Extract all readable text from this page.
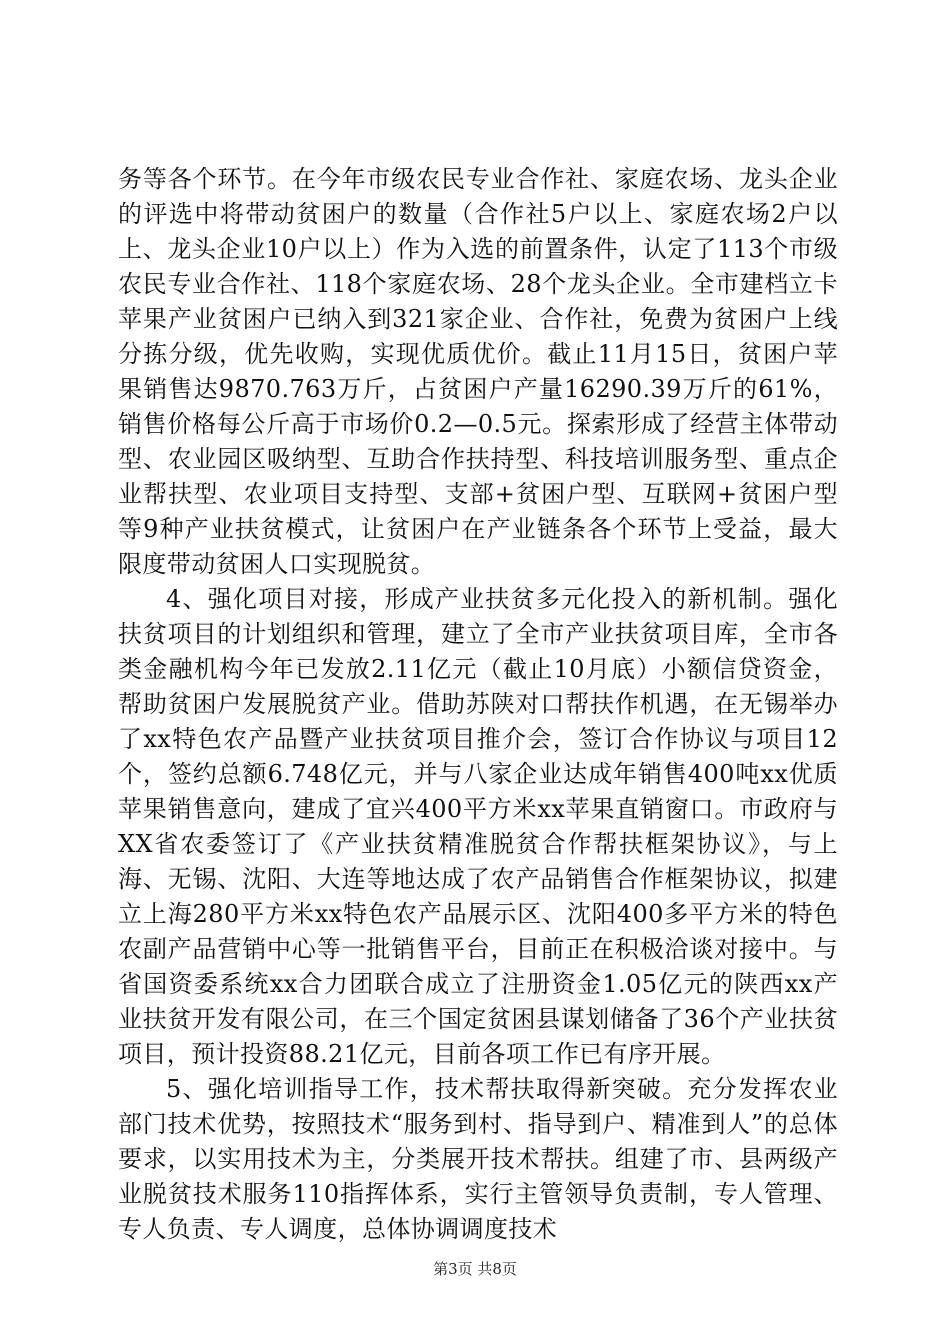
务等各个环节。在今年市级农民专业合作社、家庭农场、龙头企业的评选中将带动贫困户的数量（合作社5户以上、家庭农场2户以上、龙头企业10户以上）作为入选的前置条件，认定了113个市级农民专业合作社、118个家庭农场、28个龙头企业。全市建档立卡苹果产业贫困户已纳入到321家企业、合作社，免费为贫困户上线分拣分级，优先收购，实现优质优价。截止11月15日，贫困户苹果销售达9870.763万斤，占贫困户产量16290.39万斤的61%，销售价格每公斤高于市场价0.2—0.5元。探索形成了经营主体带动型、农业园区吸纳型、互助合作扶持型、科技培训服务型、重点企业帮扶型、农业项目支持型、支部+贫困户型、互联网+贫困户型等9种产业扶贫模式，让贫困户在产业链条各个环节上受益，最大限度带动贫困人口实现脱贫。

4、强化项目对接，形成产业扶贫多元化投入的新机制。强化扶贫项目的计划组织和管理，建立了全市产业扶贫项目库，全市各类金融机构今年已发放2.11亿元（截止10月底）小额信贷资金，帮助贫困户发展脱贫产业。借助苏陕对口帮扶作机遇，在无锡举办了xx特色农产品暨产业扶贫项目推介会，签订合作协议与项目12个，签约总额6.748亿元，并与八家企业达成年销售400吨xx优质苹果销售意向，建成了宜兴400平方米xx苹果直销窗口。市政府与XX省农委签订了《产业扶贫精准脱贫合作帮扶框架协议》，与上海、无锡、沈阳、大连等地达成了农产品销售合作框架协议，拟建立上海280平方米xx特色农产品展示区、沈阳400多平方米的特色农副产品营销中心等一批销售平台，目前正在积极洽谈对接中。与省国资委系统xx合力团联合成立了注册资金1.05亿元的陕西xx产业扶贫开发有限公司，在三个国定贫困县谋划储备了36个产业扶贫项目，预计投资88.21亿元，目前各项工作已有序开展。

5、强化培训指导工作，技术帮扶取得新突破。充分发挥农业部门技术优势，按照技术“服务到村、指导到户、精准到人”的总体要求，以实用技术为主，分类展开技术帮扶。组建了市、县两级产业脱贫技术服务110指挥体系，实行主管领导负责制，专人管理、专人负责、专人调度，总体协调调度技术

第3页 共8页
